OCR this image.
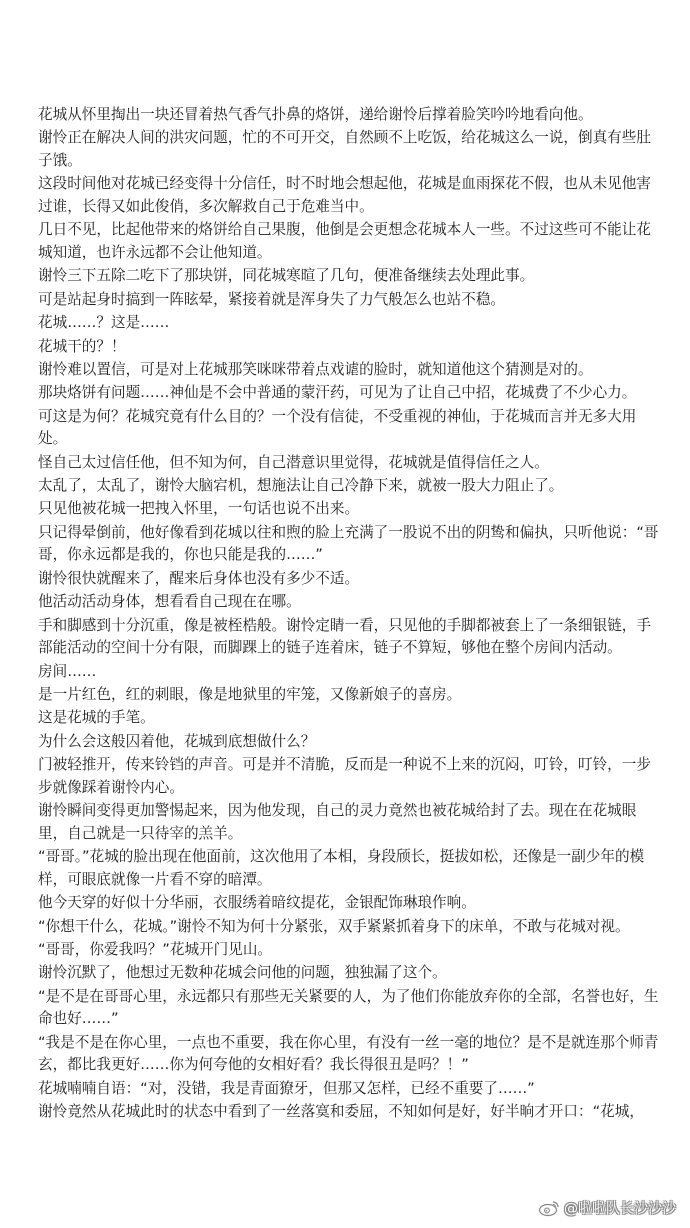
花城从怀里掏出一块还冒着热气香气扑鼻的烙饼，递给谢怜后撑着脸笑吟吟地看向他。

谢怜正在解决人间的洪灾问题，忙的不可开交，自然顾不上吃饭，给花城这么一说，倒真有些肚子饿。

这段时间他对花城已经变得十分信任，时不时地会想起他，花城是血雨探花不假，也从未见他害过谁，长得又如此俊俏，多次解救自己于危难当中。

几日不见，比起他带来的烙饼给自己果腹，他倒是会更想念花城本人一些。不过这些可不能让花城知道，也许永远都不会让他知道。

谢怜三下五除二吃下了那块饼，同花城寒暄了几句，便准备继续去处理此事。

可是站起身时搞到一阵眩晕，紧接着就是浑身失了力气般怎么也站不稳。

花城……？这是……

花城干的？！

谢怜难以置信，可是对上花城那笑咪咪带着点戏谑的脸时，就知道他这个猜测是对的。

那块烙饼有问题……神仙是不会中普通的蒙汗药，可见为了让自己中招，花城费了不少心力。

可这是为何？花城究竟有什么目的？一个没有信徒，不受重视的神仙，于花城而言并无多大用处。

怪自己太过信任他，但不知为何，自己潜意识里觉得，花城就是值得信任之人。

太乱了，太乱了，谢怜大脑宕机，想施法让自己冷静下来，就被一股大力阻止了。

只见他被花城一把拽入怀里，一句话也说不出来。

只记得晕倒前，他好像看到花城以往和煦的脸上充满了一股说不出的阴鸷和偏执，只听他说：“哥哥，你永远都是我的，你也只能是我的……”

谢怜很快就醒来了，醒来后身体也没有多少不适。

他活动活动身体，想看看自己现在在哪。

手和脚感到十分沉重，像是被桎梏般。谢怜定睛一看，只见他的手脚都被套上了一条细银链，手部能活动的空间十分有限，而脚踝上的链子连着床，链子不算短，够他在整个房间内活动。

房间……

是一片红色，红的刺眼，像是地狱里的牢笼，又像新娘子的喜房。

这是花城的手笔。

为什么会这般囚着他，花城到底想做什么？

门被轻推开，传来铃铛的声音。可是并不清脆，反而是一种说不上来的沉闷，叮铃，叮铃，一步步就像踩着谢怜内心。

谢怜瞬间变得更加警惕起来，因为他发现，自己的灵力竟然也被花城给封了去。现在在花城眼里，自己就是一只待宰的羔羊。

“哥哥。”花城的脸出现在他面前，这次他用了本相，身段颀长，挺拔如松，还像是一副少年的模样，可眼底就像一片看不穿的暗潭。

他今天穿的好似十分华丽，衣服绣着暗纹提花，金银配饰琳琅作响。

“你想干什么，花城。”谢怜不知为何十分紧张，双手紧紧抓着身下的床单，不敢与花城对视。

“哥哥，你爱我吗？”花城开门见山。

谢怜沉默了，他想过无数种花城会问他的问题，独独漏了这个。

“是不是在哥哥心里，永远都只有那些无关紧要的人，为了他们你能放弃你的全部，名誉也好，生命也好……”

“我是不是在你心里，一点也不重要，我在你心里，有没有一丝一毫的地位？是不是就连那个师青玄，都比我更好……你为何夸他的女相好看？我长得很丑是吗？！”

花城喃喃自语：“对，没错，我是青面獠牙，但那又怎样，已经不重要了……”

谢怜竟然从花城此时的状态中看到了一丝落寞和委屈，不知如何是好，好半晌才开口：“花城，

@啦啦队长沙沙沙
